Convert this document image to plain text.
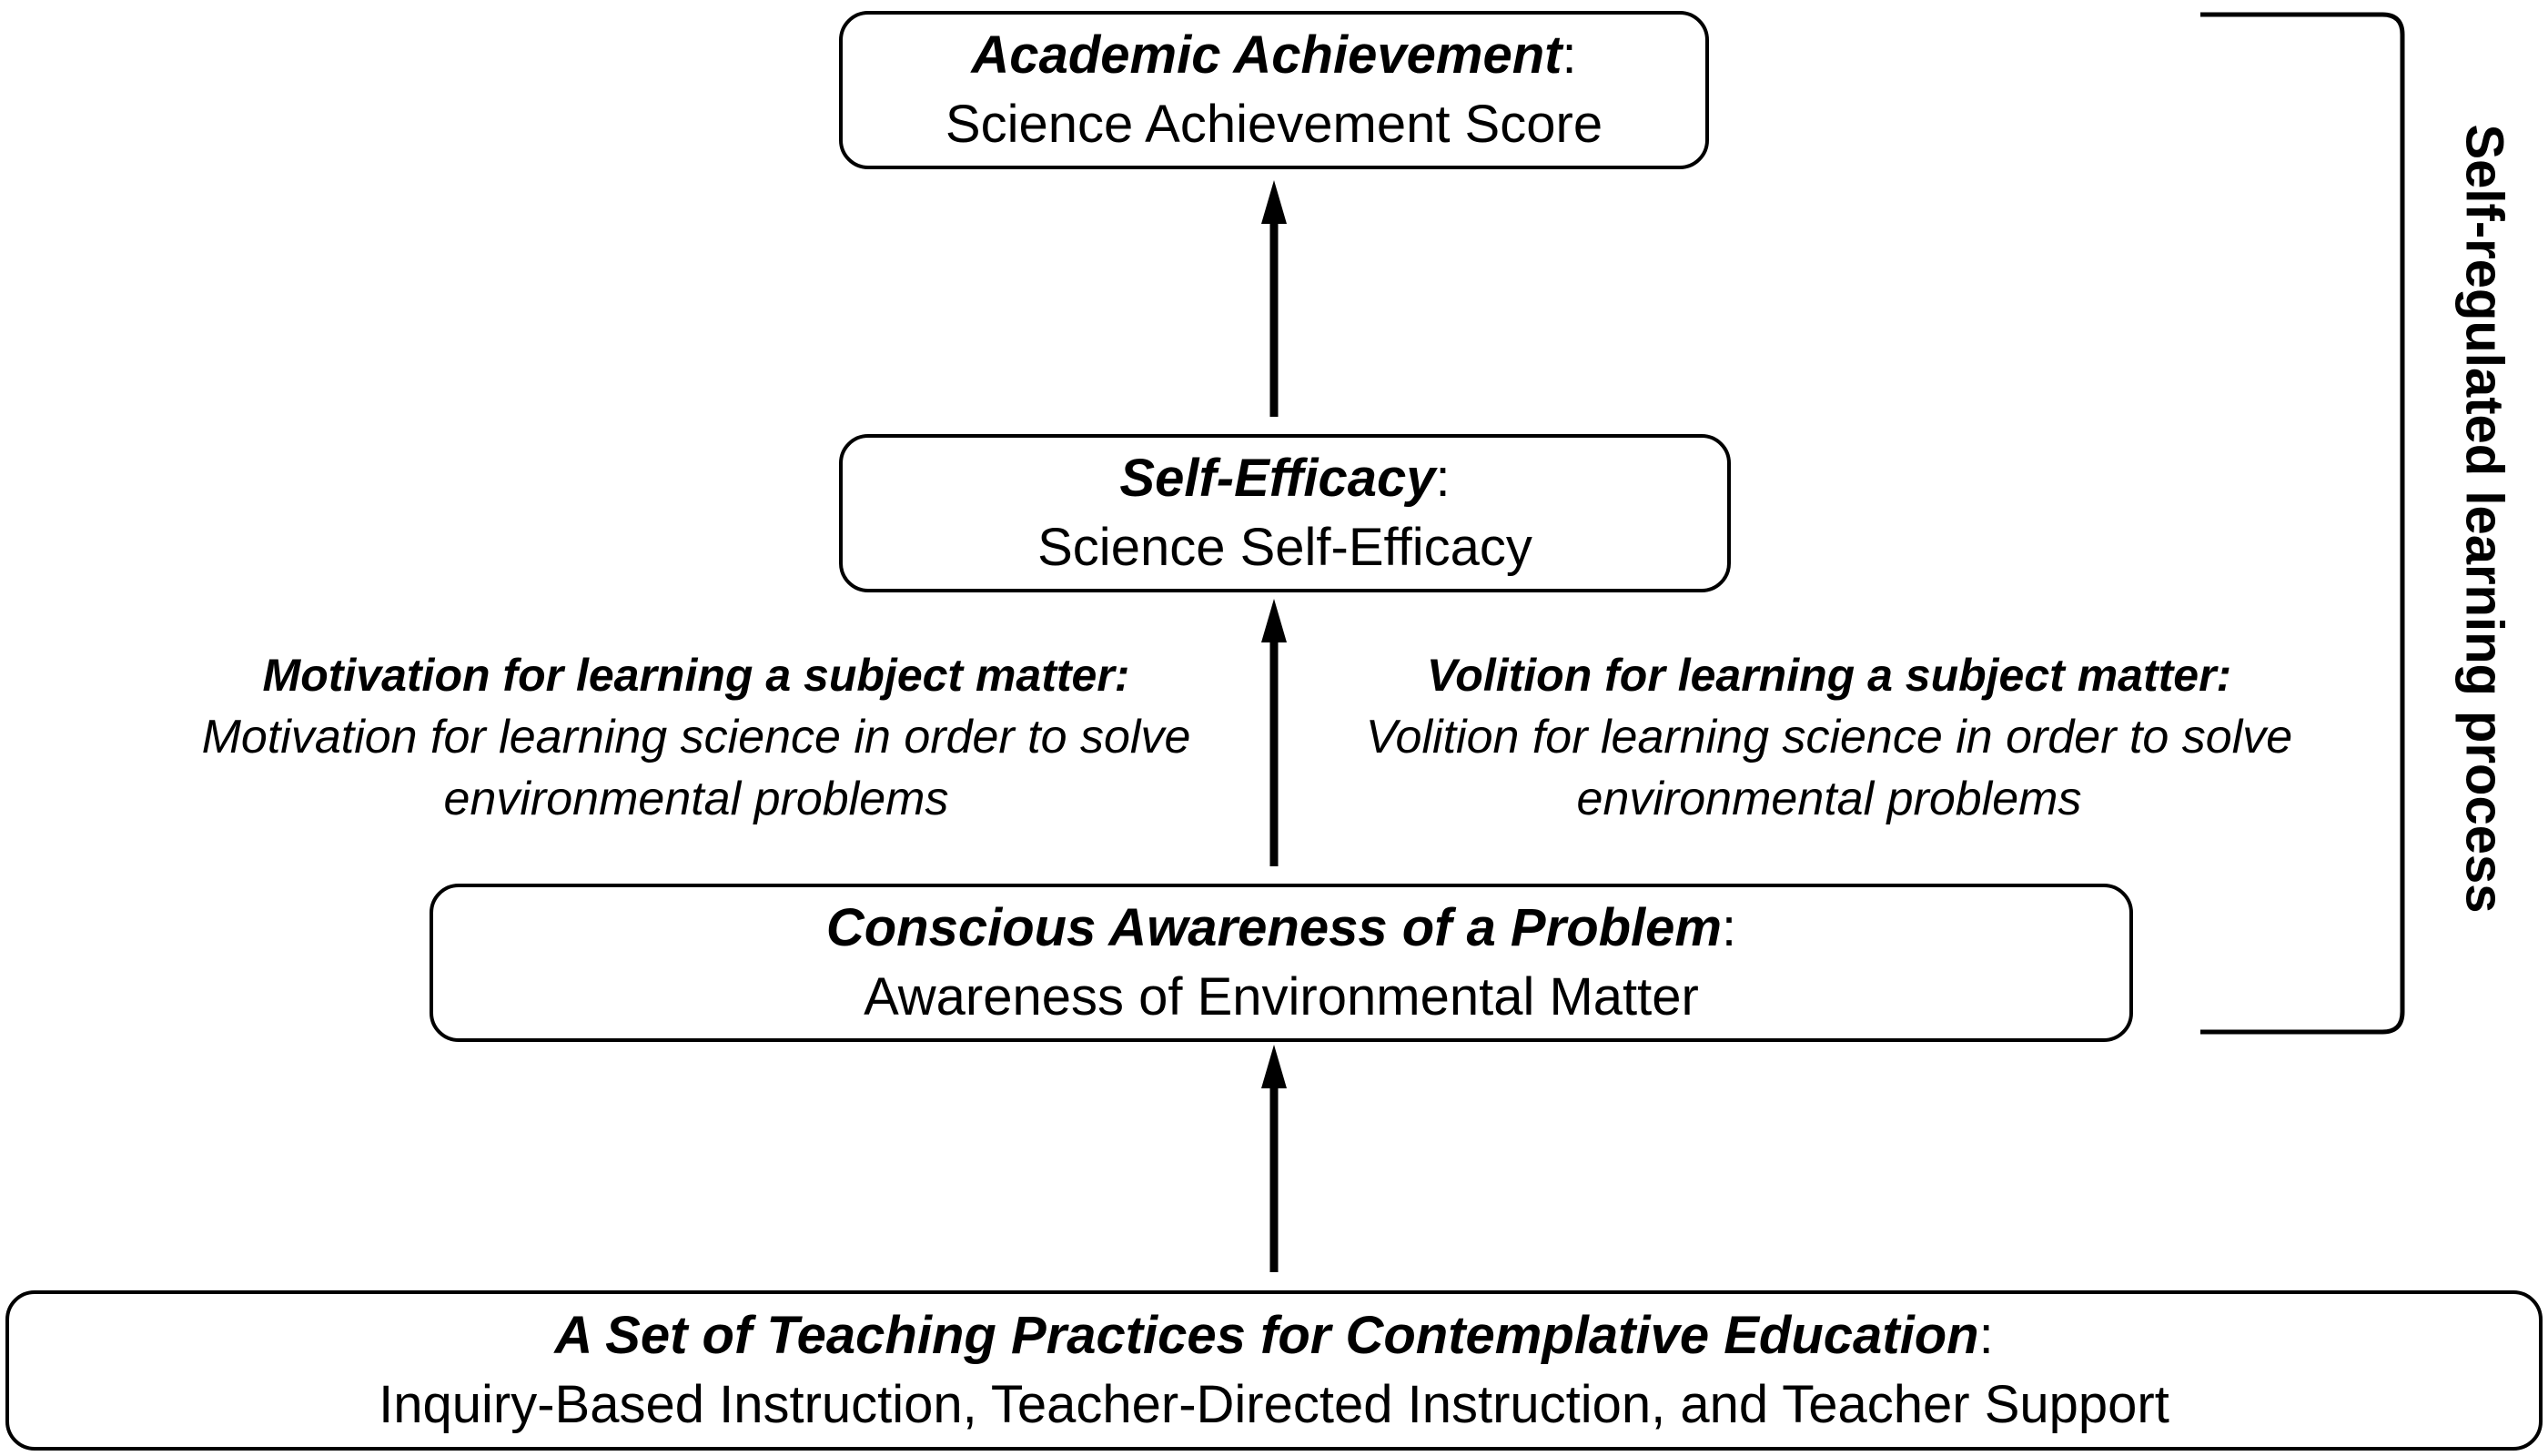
Academic Achievement:
Science Achievement Score
Self-Efficacy:
Science Self-Efficacy
Motivation for learning a subject matter:
Motivation for learning science in order to solve
environmental problems
Volition for learning a subject matter:
Volition for learning science in order to solve
environmental problems
Conscious Awareness of a Problem:
Awareness of Environmental Matter
A Set of Teaching Practices for Contemplative Education:
Inquiry-Based Instruction, Teacher-Directed Instruction, and Teacher Support
Self-regulated learning process
